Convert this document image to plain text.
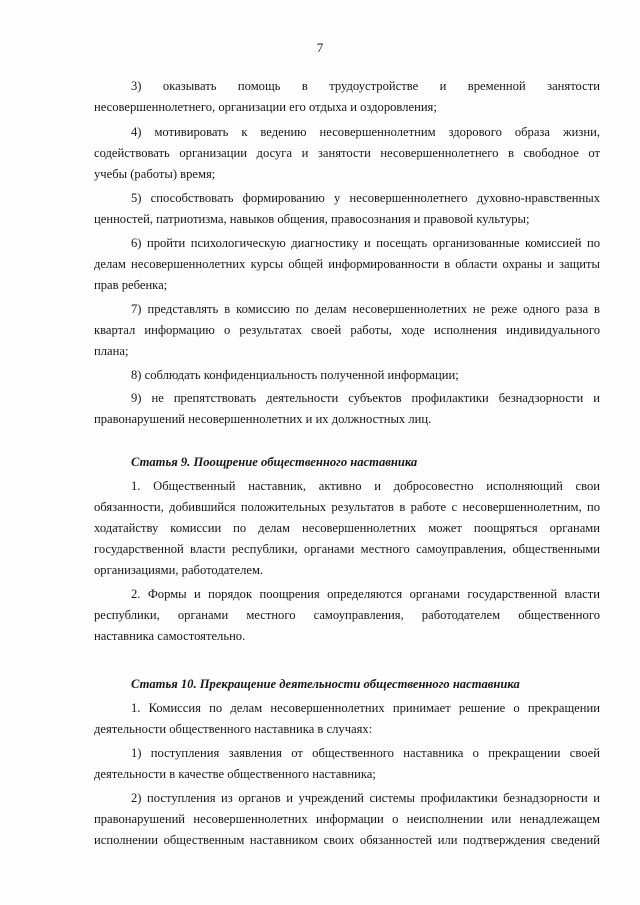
7
3)      оказывать      помощь      в      трудоустройстве      и      временной      занятости
несовершеннолетнего, организации его отдыха и оздоровления;
4) мотивировать к ведению несовершеннолетним здорового образа жизни,
содействовать организации досуга и занятости несовершеннолетнего в свободное от
учебы (работы) время;
5) способствовать формированию у несовершеннолетнего духовно-нравственных
ценностей, патриотизма, навыков общения, правосознания и правовой культуры;
6) пройти психологическую диагностику и посещать организованные комиссией по
делам несовершеннолетних курсы общей информированности в области охраны и защиты
прав ребенка;
7) представлять в комиссию по делам несовершеннолетних не реже одного раза в
квартал информацию о результатах своей работы, ходе исполнения индивидуального
плана;
8) соблюдать конфиденциальность полученной информации;
9) не препятствовать деятельности субъектов профилактики безнадзорности и
правонарушений несовершеннолетних и их должностных лиц.
Статья 9. Поощрение общественного наставника
1. Общественный наставник, активно и добросовестно исполняющий свои
обязанности, добившийся положительных результатов в работе с несовершеннолетним, по
ходатайству комиссии по делам несовершеннолетних может поощряться органами
государственной власти республики, органами местного самоуправления, общественными
организациями, работодателем.
2. Формы и порядок поощрения определяются органами государственной власти
республики,    органами    местного    самоуправления,    работодателем    общественного
наставника самостоятельно.
Статья 10. Прекращение деятельности общественного наставника
1. Комиссия по делам несовершеннолетних принимает решение о прекращении
деятельности общественного наставника в случаях:
1) поступления заявления от общественного наставника о прекращении своей
деятельности в качестве общественного наставника;
2) поступления из органов и учреждений системы профилактики безнадзорности и
правонарушений несовершеннолетних информации о неисполнении или ненадлежащем
исполнении общественным наставником своих обязанностей или подтверждения сведений
